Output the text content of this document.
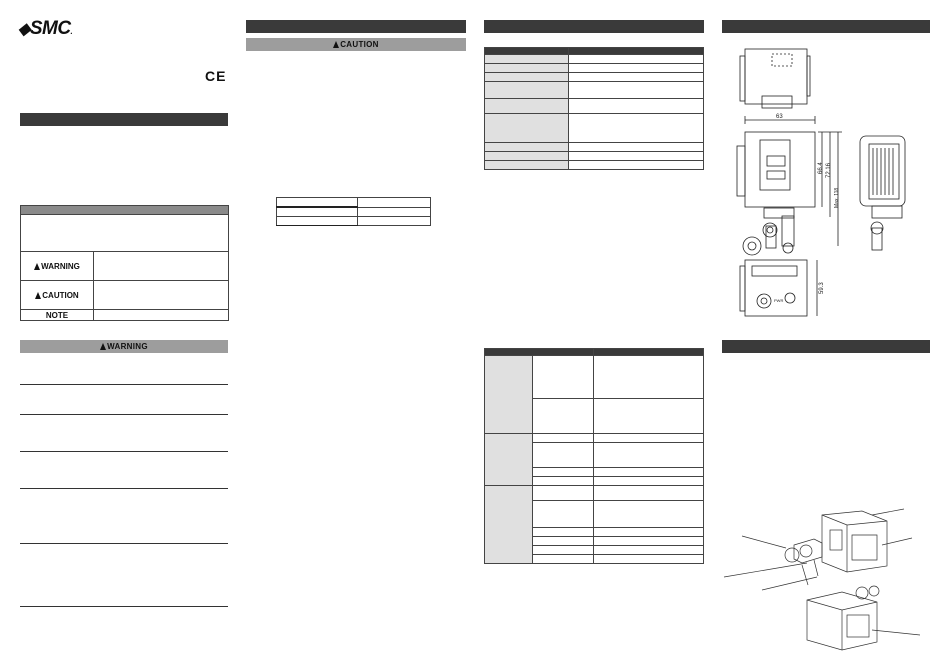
◆SMC.
CE

WARNING	
CAUTION	
NOTE	
WARNING
CAUTION

63
66.4 72.16
Max. 118
59.3
PWR
